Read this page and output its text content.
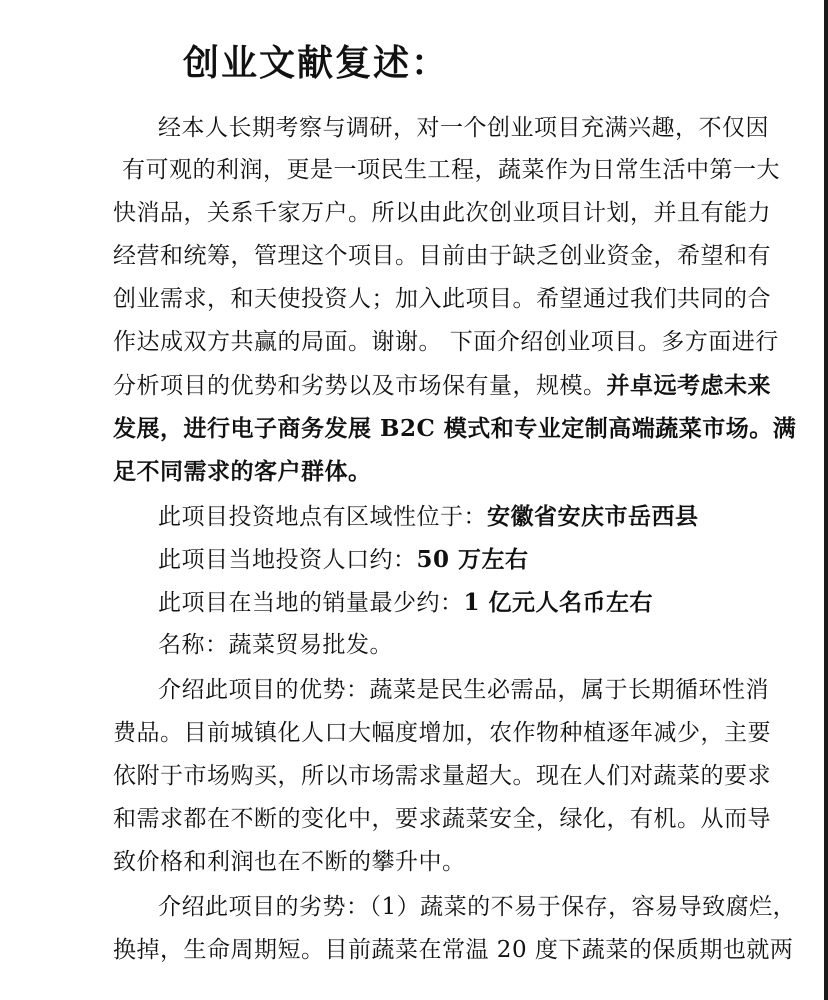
创业文献复述：
经本人长期考察与调研，对一个创业项目充满兴趣，不仅因
有可观的利润，更是一项民生工程，蔬菜作为日常生活中第一大
快消品，关系千家万户。所以由此次创业项目计划，并且有能力
经营和统筹，管理这个项目。目前由于缺乏创业资金，希望和有
创业需求，和天使投资人；加入此项目。希望通过我们共同的合
作达成双方共赢的局面。谢谢。 下面介绍创业项目。多方面进行
分析项目的优势和劣势以及市场保有量，规模。并卓远考虑未来
发展，进行电子商务发展 B2C 模式和专业定制高端蔬菜市场。满
足不同需求的客户群体。
此项目投资地点有区域性位于：安徽省安庆市岳西县
此项目当地投资人口约：50 万左右
此项目在当地的销量最少约：1 亿元人名币左右
名称：蔬菜贸易批发。
介绍此项目的优势：蔬菜是民生必需品，属于长期循环性消
费品。目前城镇化人口大幅度增加，农作物种植逐年减少，主要
依附于市场购买，所以市场需求量超大。现在人们对蔬菜的要求
和需求都在不断的变化中，要求蔬菜安全，绿化，有机。从而导
致价格和利润也在不断的攀升中。
介绍此项目的劣势：（1）蔬菜的不易于保存，容易导致腐烂，
换掉，生命周期短。目前蔬菜在常温 20 度下蔬菜的保质期也就两
